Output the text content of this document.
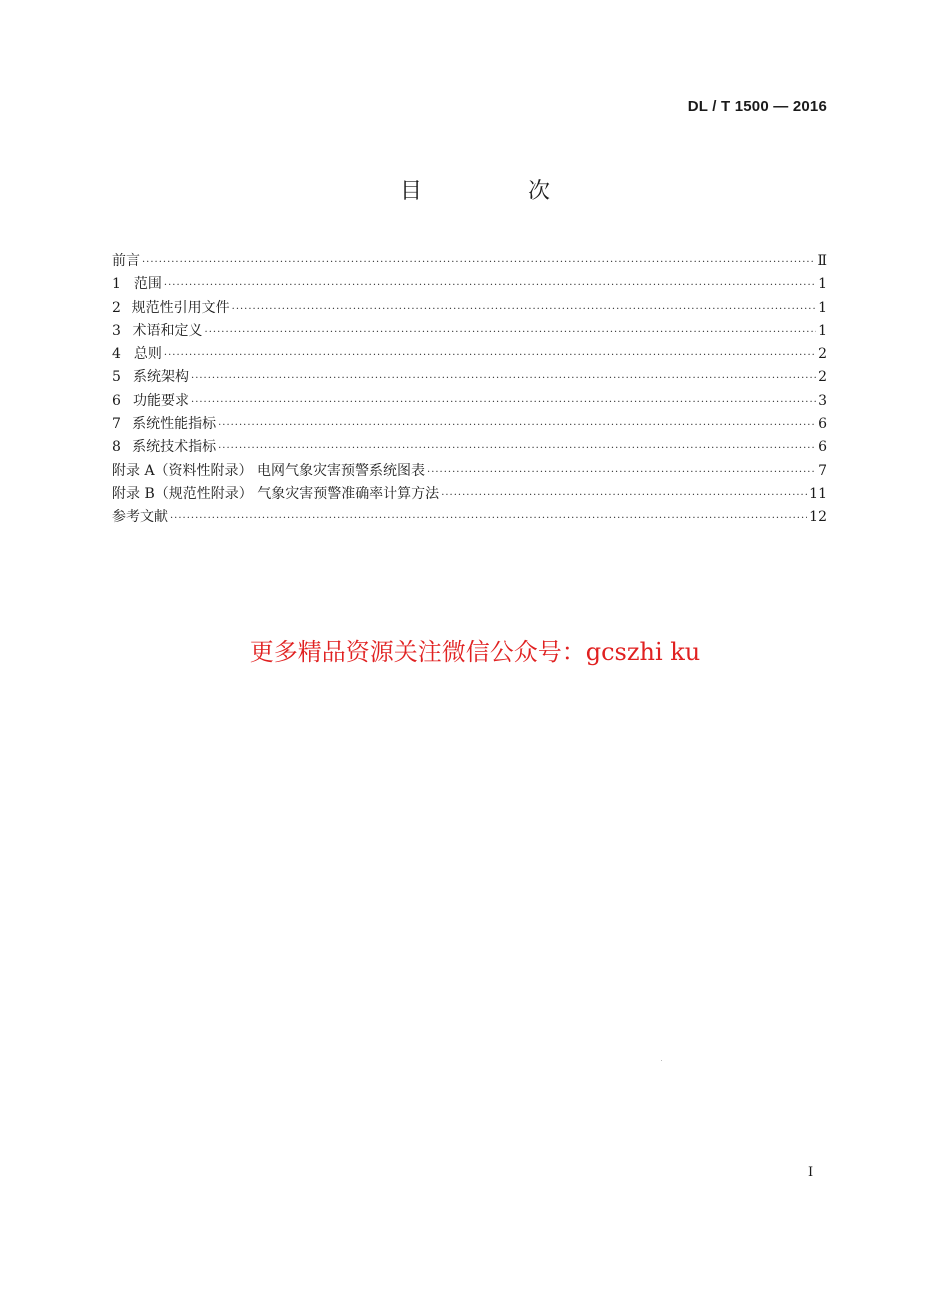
DL / T 1500 — 2016
目　次
前言 ·····	Ⅱ
1 范围 ·····	1
2 规范性引用文件 ·····	1
3 术语和定义 ·····	1
4 总则 ·····	2
5 系统架构 ·····	2
6 功能要求 ·····	3
7 系统性能指标 ·····	6
8 系统技术指标 ·····	6
附录 A（资料性附录） 电网气象灾害预警系统图表 ·····	7
附录 B（规范性附录） 气象灾害预警准确率计算方法 ·····	11
参考文献 ·····	12
更多精品资源关注微信公众号：gcszhi ku
I
